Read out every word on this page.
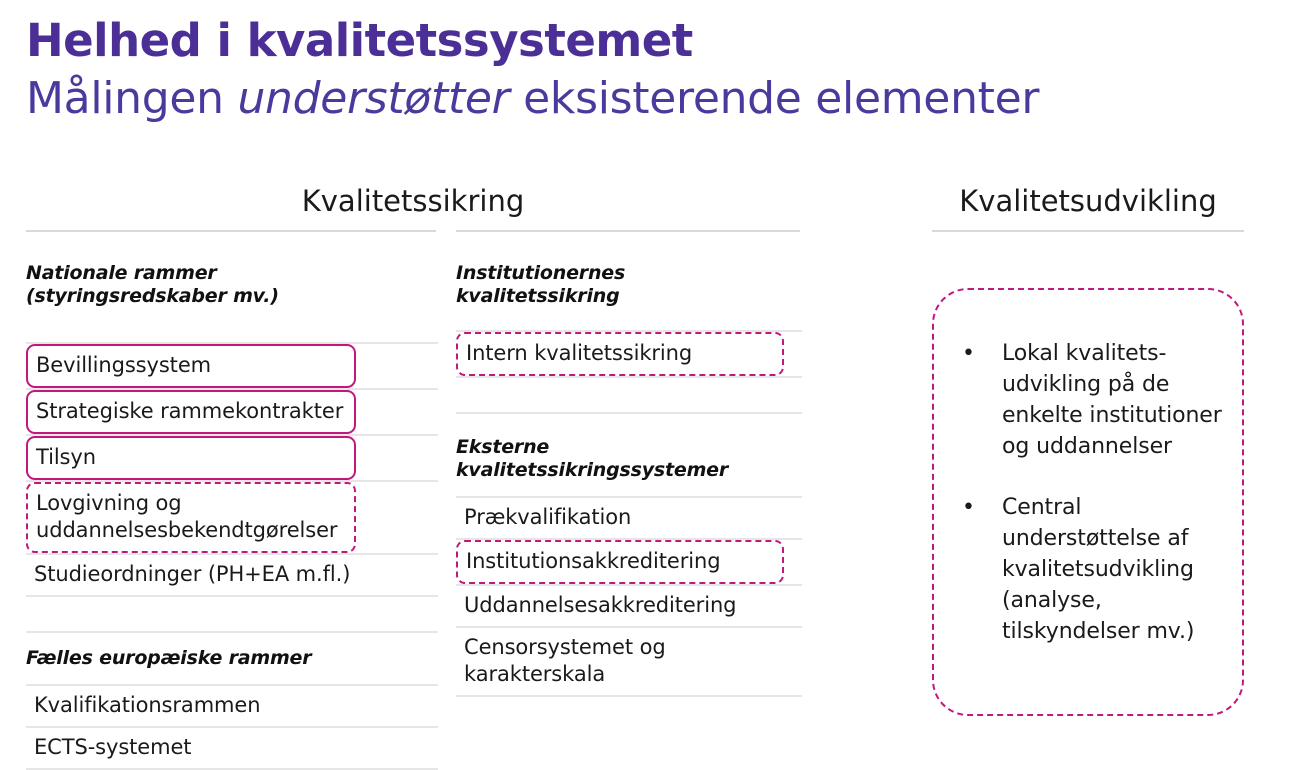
Helhed i kvalitetssystemet
Målingen understøtter eksisterende elementer
Kvalitetssikring	Kvalitetsudvikling
Nationale rammer
(styringsredskaber mv.)
Bevillingssystem
Strategiske rammekontrakter
Tilsyn
Lovgivning og uddannelsesbekendtgørelser
Studieordninger (PH+EA m.fl.)
Fælles europæiske rammer
Kvalifikationsrammen
ECTS-systemet
Institutionernes
kvalitetssikring
Intern kvalitetssikring
Eksterne
kvalitetssikringssystemer
Prækvalifikation
Institutionsakkreditering
Uddannelsesakkreditering
Censorsystemet og karakterskala
• Lokal kvalitets-udvikling på de enkelte institutioner og uddannelser
• Central understøttelse af kvalitetsudvikling (analyse, tilskyndelser mv.)
